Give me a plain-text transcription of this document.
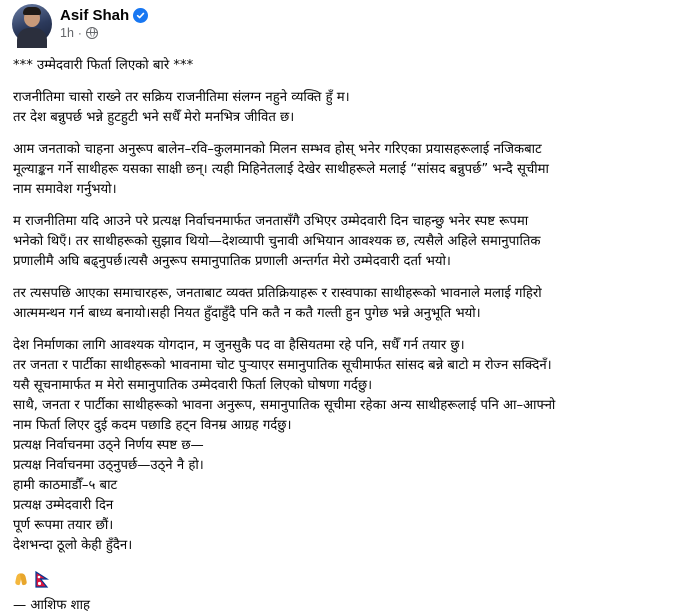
Asif Shah
1h ·
*** उम्मेदवारी फिर्ता लिएको बारे ***
राजनीतिमा चासो राख्ने तर सक्रिय राजनीतिमा संलग्न नहुने व्यक्ति हुँ म।
तर देश बन्नुपर्छ भन्ने हुटहुटी भने सधैँ मेरो मनभित्र जीवित छ।
आम जनताको चाहना अनुरूप बालेन–रवि–कुलमानको मिलन सम्भव होस् भनेर गरिएका प्रयासहरूलाई नजिकबाट
मूल्याङ्कन गर्ने साथीहरू यसका साक्षी छन्। त्यही मिहिनेतलाई देखेर साथीहरूले मलाई “सांसद बन्नुपर्छ” भन्दै सूचीमा
नाम समावेश गर्नुभयो।
म राजनीतिमा यदि आउने परे प्रत्यक्ष निर्वाचनमार्फत जनतासँगै उभिएर उम्मेदवारी दिन चाहन्छु भनेर स्पष्ट रूपमा
भनेको थिएँ। तर साथीहरूको सुझाव थियो—देशव्यापी चुनावी अभियान आवश्यक छ, त्यसैले अहिले समानुपातिक
प्रणालीमै अघि बढ्नुपर्छ।त्यसै अनुरूप समानुपातिक प्रणाली अन्तर्गत मेरो उम्मेदवारी दर्ता भयो।
तर त्यसपछि आएका समाचारहरू, जनताबाट व्यक्त प्रतिक्रियाहरू र रास्वपाका साथीहरूको भावनाले मलाई गहिरो
आत्ममन्थन गर्न बाध्य बनायो।सही नियत हुँदाहुँदै पनि कतै न कतै गल्ती हुन पुगेछ भन्ने अनुभूति भयो।
देश निर्माणका लागि आवश्यक योगदान, म जुनसुकै पद वा हैसियतमा रहे पनि, सधैँ गर्न तयार छु।
तर जनता र पार्टीका साथीहरूको भावनामा चोट पुर्‍याएर समानुपातिक सूचीमार्फत सांसद बन्ने बाटो म रोज्न सक्दिनँ।
यसै सूचनामार्फत म मेरो समानुपातिक उम्मेदवारी फिर्ता लिएको घोषणा गर्दछु।
साथै, जनता र पार्टीका साथीहरूको भावना अनुरूप, समानुपातिक सूचीमा रहेका अन्य साथीहरूलाई पनि आ–आफ्नो
नाम फिर्ता लिएर दुई कदम पछाडि हट्न विनम्र आग्रह गर्दछु।
प्रत्यक्ष निर्वाचनमा उठ्ने निर्णय स्पष्ट छ—
प्रत्यक्ष निर्वाचनमा उठ्नुपर्छ—उठ्ने नै हो।
हामी काठमाडौँ–५ बाट
प्रत्यक्ष उम्मेदवारी दिन
पूर्ण रूपमा तयार छौं।
देशभन्दा ठूलो केही हुँदैन।
— आशिफ शाह
